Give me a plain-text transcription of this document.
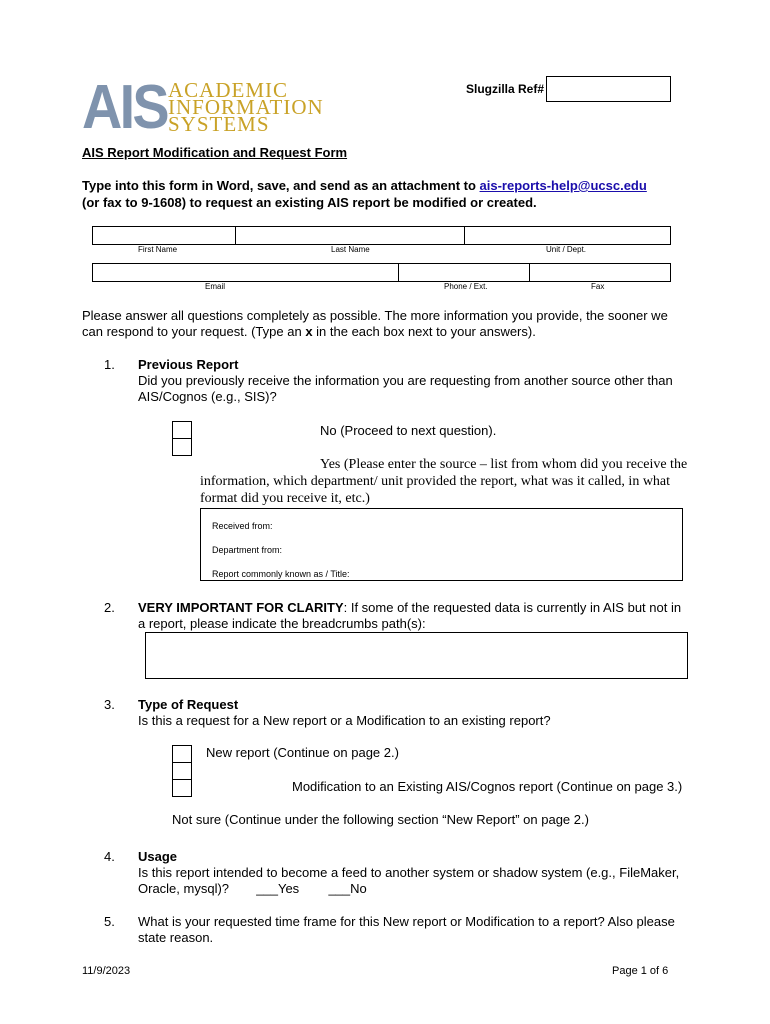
AIS ACADEMIC
INFORMATION
SYSTEMS
Slugzilla Ref#
AIS Report Modification and Request Form
Type into this form in Word, save, and send as an attachment to ais-reports-help@ucsc.edu
(or fax to 9-1608) to request an existing AIS report be modified or created.
First Name	Last Name	Unit / Dept.
Email	Phone / Ext.	Fax
Please answer all questions completely as possible. The more information you provide, the sooner we can respond to your request. (Type an x in the each box next to your answers).
1. Previous Report
Did you previously receive the information you are requesting from another source other than AIS/Cognos (e.g., SIS)?
No (Proceed to next question).
Yes (Please enter the source – list from whom did you receive the information, which department/ unit provided the report, what was it called, in what format did you receive it, etc.)
Received from:
Department from:
Report commonly known as / Title:
2. VERY IMPORTANT FOR CLARITY: If some of the requested data is currently in AIS but not in a report, please indicate the breadcrumbs path(s):
3. Type of Request
Is this a request for a New report or a Modification to an existing report?
New report (Continue on page 2.)
Modification to an Existing AIS/Cognos report (Continue on page 3.)
Not sure (Continue under the following section “New Report” on page 2.)
4. Usage
Is this report intended to become a feed to another system or shadow system (e.g., FileMaker, Oracle, mysql)? ___Yes ___No
5. What is your requested time frame for this New report or Modification to a report? Also please state reason.
11/9/2023	Page 1 of 6
